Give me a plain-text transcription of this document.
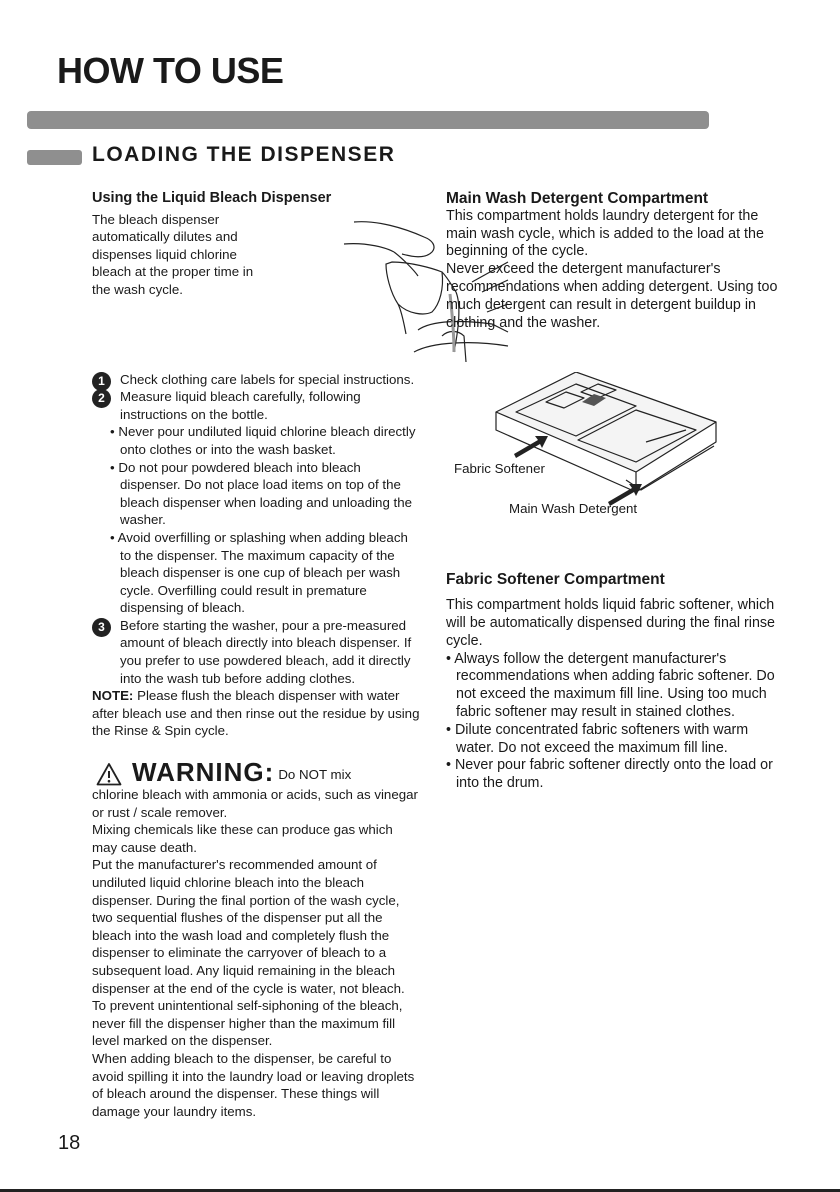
HOW TO USE
LOADING THE DISPENSER

Using the Liquid Bleach Dispenser

The bleach dispenser automatically dilutes and dispenses liquid chlorine bleach at the proper time in the wash cycle.

1	Check clothing care labels for special instructions.

2	Measure liquid bleach carefully, following instructions on the bottle.

• Never pour undiluted liquid chlorine bleach directly onto clothes or into the wash basket.

• Do not pour powdered bleach into bleach dispenser. Do not place load items on top of the bleach dispenser when loading and unloading the washer.

• Avoid overfilling or splashing when adding bleach to the dispenser. The maximum capacity of the bleach dispenser is one cup of bleach per wash cycle. Overfilling could result in premature dispensing of bleach.

3	Before starting the washer, pour a pre-measured amount of bleach directly into bleach dispenser. If you prefer to use powdered bleach, add it directly into the wash tub before adding clothes.

NOTE: Please flush the bleach dispenser with water after bleach use and then rinse out the residue by using the Rinse & Spin cycle.

WARNING: Do NOT mix

chlorine bleach with ammonia or acids, such as vinegar or rust / scale remover.

Mixing chemicals like these can produce gas which may cause death.

Put the manufacturer's recommended amount of undiluted liquid chlorine bleach into the bleach dispenser. During the final portion of the wash cycle, two sequential flushes of the dispenser put all the bleach into the wash load and completely flush the dispenser to eliminate the carryover of bleach to a subsequent load. Any liquid remaining in the bleach dispenser at the end of the cycle is water, not bleach.

To prevent unintentional self-siphoning of the bleach, never fill the dispenser higher than the maximum fill level marked on the dispenser.

When adding bleach to the dispenser, be careful to avoid spilling it into the laundry load or leaving droplets of bleach around the dispenser. These things will damage your laundry items.

Main Wash Detergent Compartment

This compartment holds laundry detergent for the main wash cycle, which is added to the load at the beginning of the cycle.

Never exceed the detergent manufacturer's recommendations when adding detergent. Using too much detergent can result in detergent buildup in clothing and the washer.

Fabric Softener
Main Wash Detergent

Fabric Softener Compartment

This compartment holds liquid fabric softener, which will be automatically dispensed during the final rinse cycle.

• Always follow the detergent manufacturer's recommendations when adding fabric softener. Do not exceed the maximum fill line. Using too much fabric softener may result in stained clothes.

• Dilute concentrated fabric softeners with warm water. Do not exceed the maximum fill line.

• Never pour fabric softener directly onto the load or into the drum.

18
